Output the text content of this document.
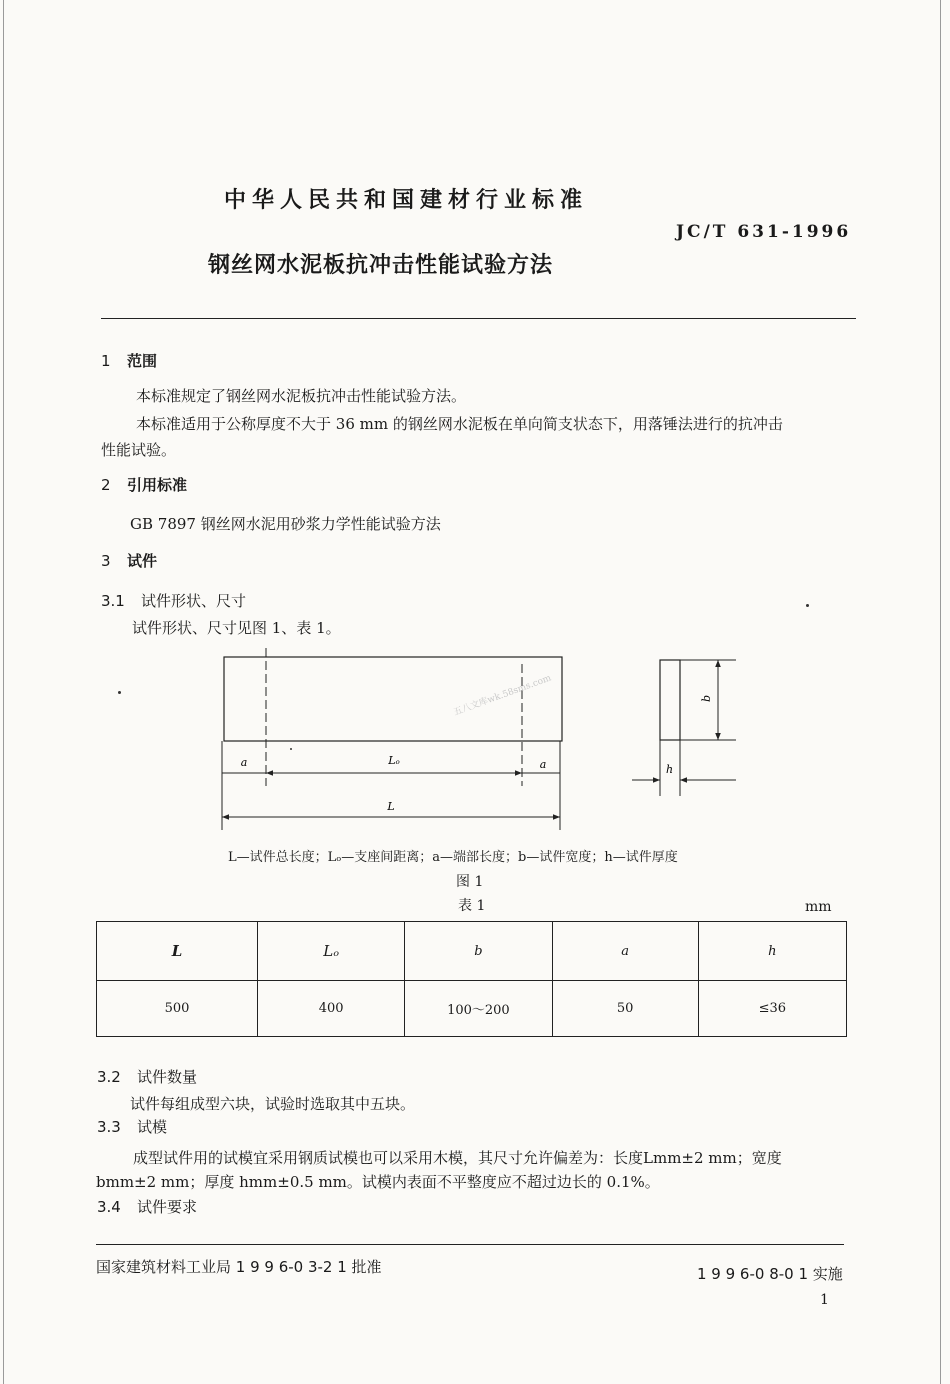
中华人民共和国建材行业标准
JC/T 631-1996
钢丝网水泥板抗冲击性能试验方法
1 范围
本标准规定了钢丝网水泥板抗冲击性能试验方法。
本标准适用于公称厚度不大于 36 mm 的钢丝网水泥板在单向简支状态下，用落锤法进行的抗冲击
性能试验。
2 引用标准
GB 7897 钢丝网水泥用砂浆力学性能试验方法
3 试件
3.1 试件形状、尺寸
试件形状、尺寸见图 1、表 1。
a	Lₒ	a
L
五八文库wk.58sms.com	b
h
L—试件总长度；Lₒ—支座间距离；a—端部长度；b—试件宽度；h—试件厚度
图 1
表 1	mm
L	Lₒ	b	a	h
500	400	100～200	50	≤36
3.2 试件数量
试件每组成型六块，试验时选取其中五块。
3.3 试模
成型试件用的试模宜采用钢质试模也可以采用木模，其尺寸允许偏差为：长度Lmm±2 mm；宽度
bmm±2 mm；厚度 hmm±0.5 mm。试模内表面不平整度应不超过边长的 0.1%。
3.4 试件要求
国家建筑材料工业局 1 9 9 6-0 3-2 1 批准	1 9 9 6-0 8-0 1 实施
1
